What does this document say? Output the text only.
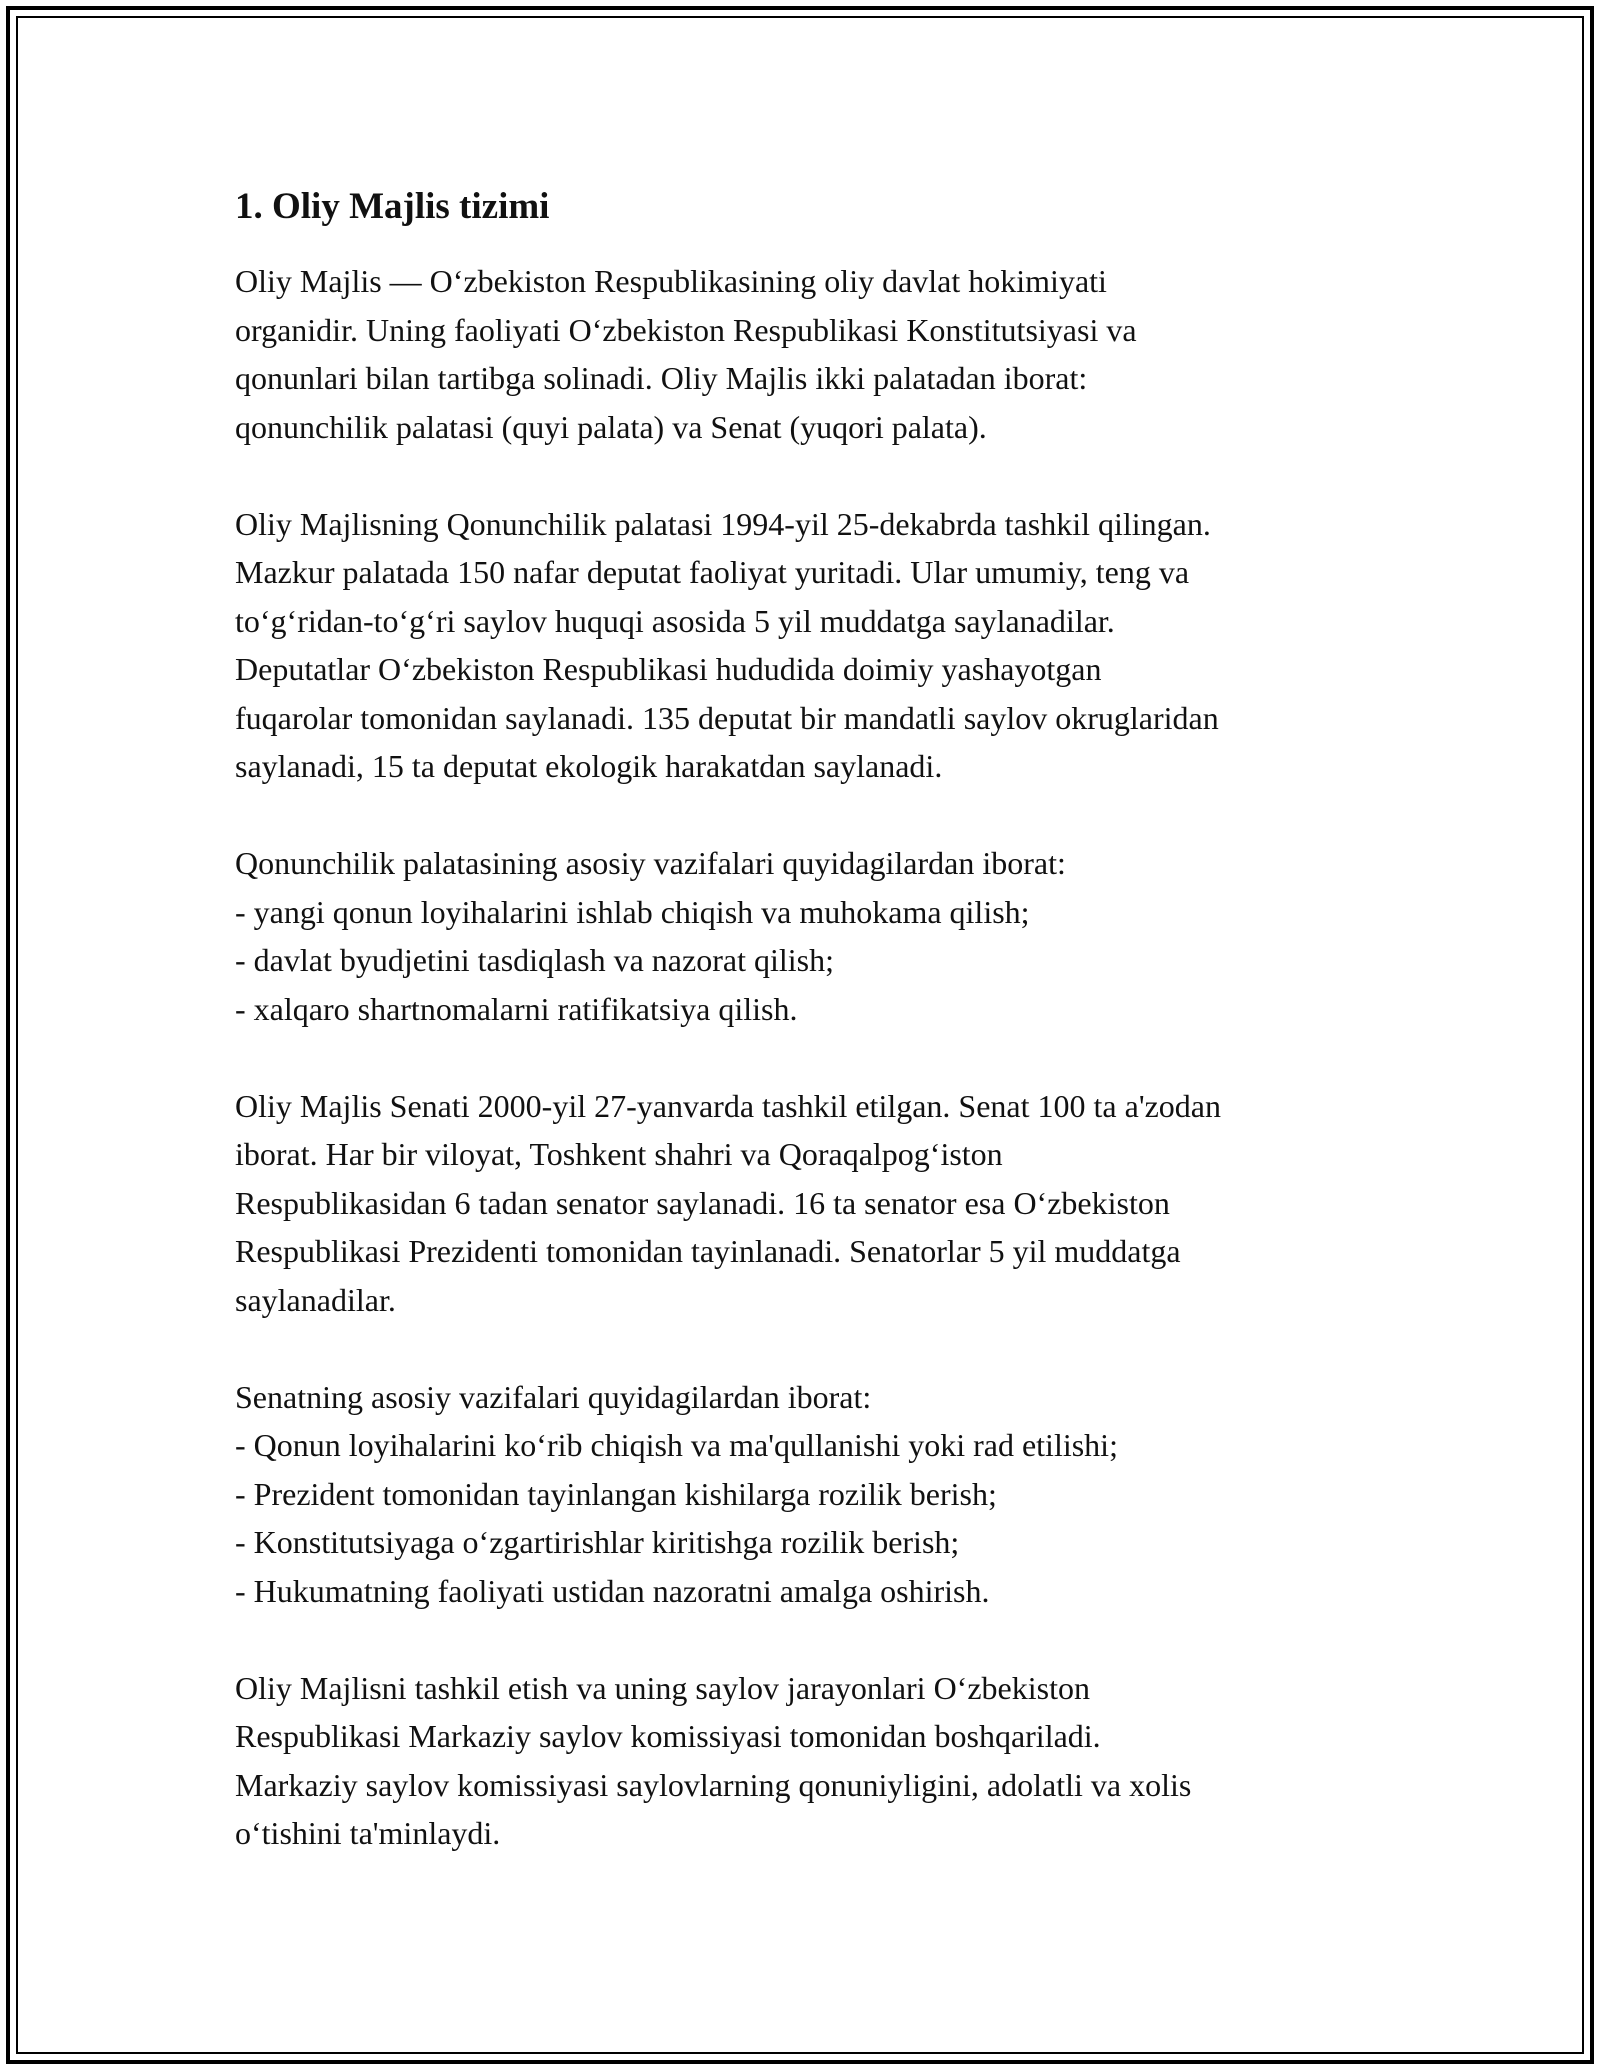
1. Oliy Majlis tizimi

Oliy Majlis — O‘zbekiston Respublikasining oliy davlat hokimiyati
organidir. Uning faoliyati O‘zbekiston Respublikasi Konstitutsiyasi va
qonunlari bilan tartibga solinadi. Oliy Majlis ikki palatadan iborat:
qonunchilik palatasi (quyi palata) va Senat (yuqori palata).

Oliy Majlisning Qonunchilik palatasi 1994-yil 25-dekabrda tashkil qilingan.
Mazkur palatada 150 nafar deputat faoliyat yuritadi. Ular umumiy, teng va
to‘g‘ridan-to‘g‘ri saylov huquqi asosida 5 yil muddatga saylanadilar.
Deputatlar O‘zbekiston Respublikasi hududida doimiy yashayotgan
fuqarolar tomonidan saylanadi. 135 deputat bir mandatli saylov okruglaridan
saylanadi, 15 ta deputat ekologik harakatdan saylanadi.

Qonunchilik palatasining asosiy vazifalari quyidagilardan iborat:
- yangi qonun loyihalarini ishlab chiqish va muhokama qilish;
- davlat byudjetini tasdiqlash va nazorat qilish;
- xalqaro shartnomalarni ratifikatsiya qilish.

Oliy Majlis Senati 2000-yil 27-yanvarda tashkil etilgan. Senat 100 ta a'zodan
iborat. Har bir viloyat, Toshkent shahri va Qoraqalpog‘iston
Respublikasidan 6 tadan senator saylanadi. 16 ta senator esa O‘zbekiston
Respublikasi Prezidenti tomonidan tayinlanadi. Senatorlar 5 yil muddatga
saylanadilar.

Senatning asosiy vazifalari quyidagilardan iborat:
- Qonun loyihalarini ko‘rib chiqish va ma'qullanishi yoki rad etilishi;
- Prezident tomonidan tayinlangan kishilarga rozilik berish;
- Konstitutsiyaga o‘zgartirishlar kiritishga rozilik berish;
- Hukumatning faoliyati ustidan nazoratni amalga oshirish.

Oliy Majlisni tashkil etish va uning saylov jarayonlari O‘zbekiston
Respublikasi Markaziy saylov komissiyasi tomonidan boshqariladi.
Markaziy saylov komissiyasi saylovlarning qonuniyligini, adolatli va xolis
o‘tishini ta'minlaydi.
